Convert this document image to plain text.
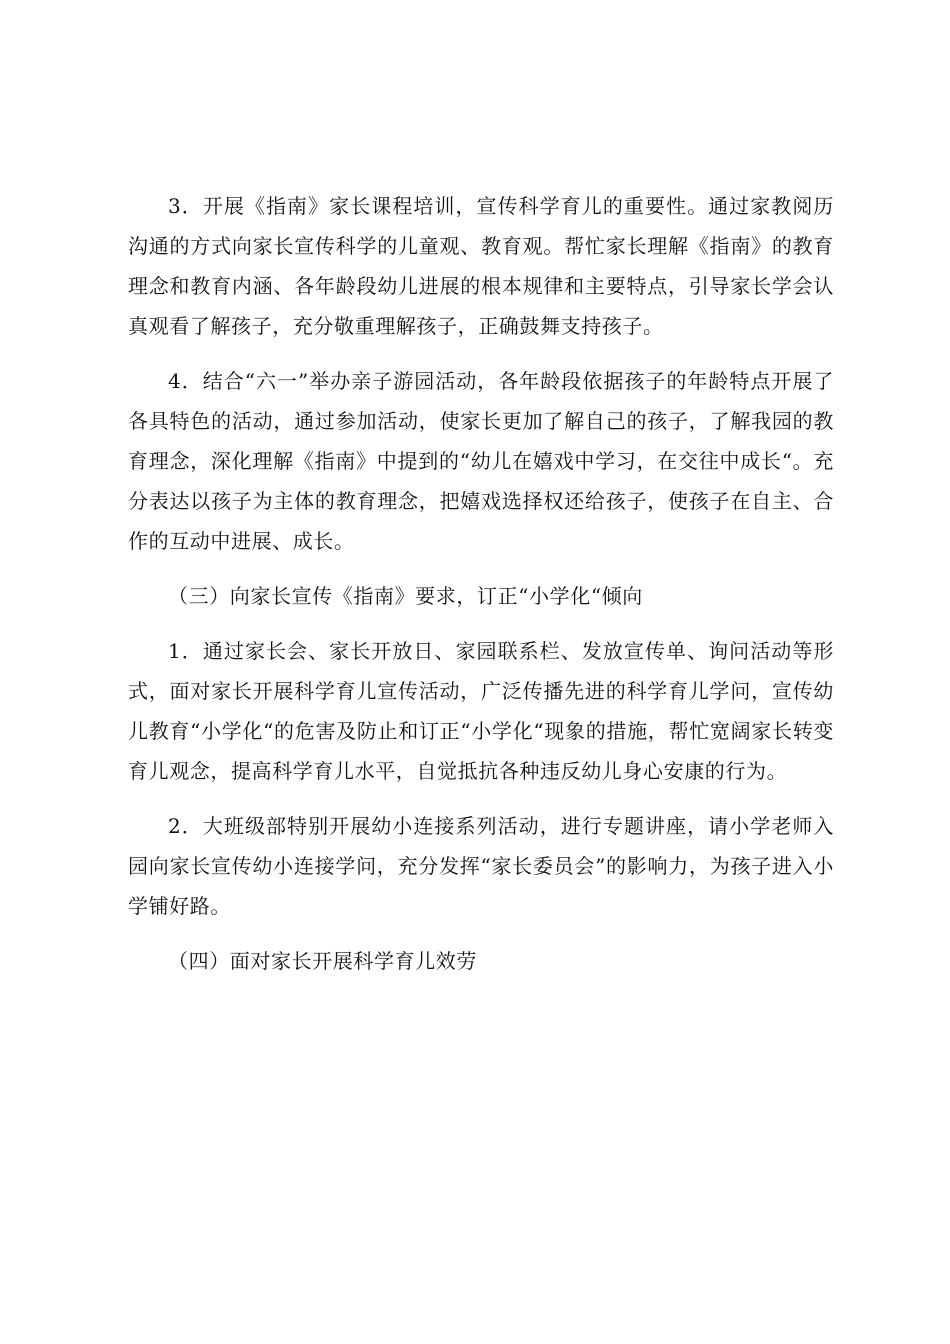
3．开展《指南》家长课程培训，宣传科学育儿的重要性。通过家教阅历沟通的方式向家长宣传科学的儿童观、教育观。帮忙家长理解《指南》的教育理念和教育内涵、各年龄段幼儿进展的根本规律和主要特点，引导家长学会认真观看了解孩子，充分敬重理解孩子，正确鼓舞支持孩子。

4．结合“六一”举办亲子游园活动，各年龄段依据孩子的年龄特点开展了各具特色的活动，通过参加活动，使家长更加了解自己的孩子，了解我园的教育理念，深化理解《指南》中提到的“幼儿在嬉戏中学习，在交往中成长“。充分表达以孩子为主体的教育理念，把嬉戏选择权还给孩子，使孩子在自主、合作的互动中进展、成长。

（三）向家长宣传《指南》要求，订正“小学化“倾向

1．通过家长会、家长开放日、家园联系栏、发放宣传单、询问活动等形式，面对家长开展科学育儿宣传活动，广泛传播先进的科学育儿学问，宣传幼儿教育“小学化“的危害及防止和订正“小学化“现象的措施，帮忙宽阔家长转变育儿观念，提高科学育儿水平，自觉抵抗各种违反幼儿身心安康的行为。

2．大班级部特别开展幼小连接系列活动，进行专题讲座，请小学老师入园向家长宣传幼小连接学问，充分发挥“家长委员会”的影响力，为孩子进入小学铺好路。

（四）面对家长开展科学育儿效劳
